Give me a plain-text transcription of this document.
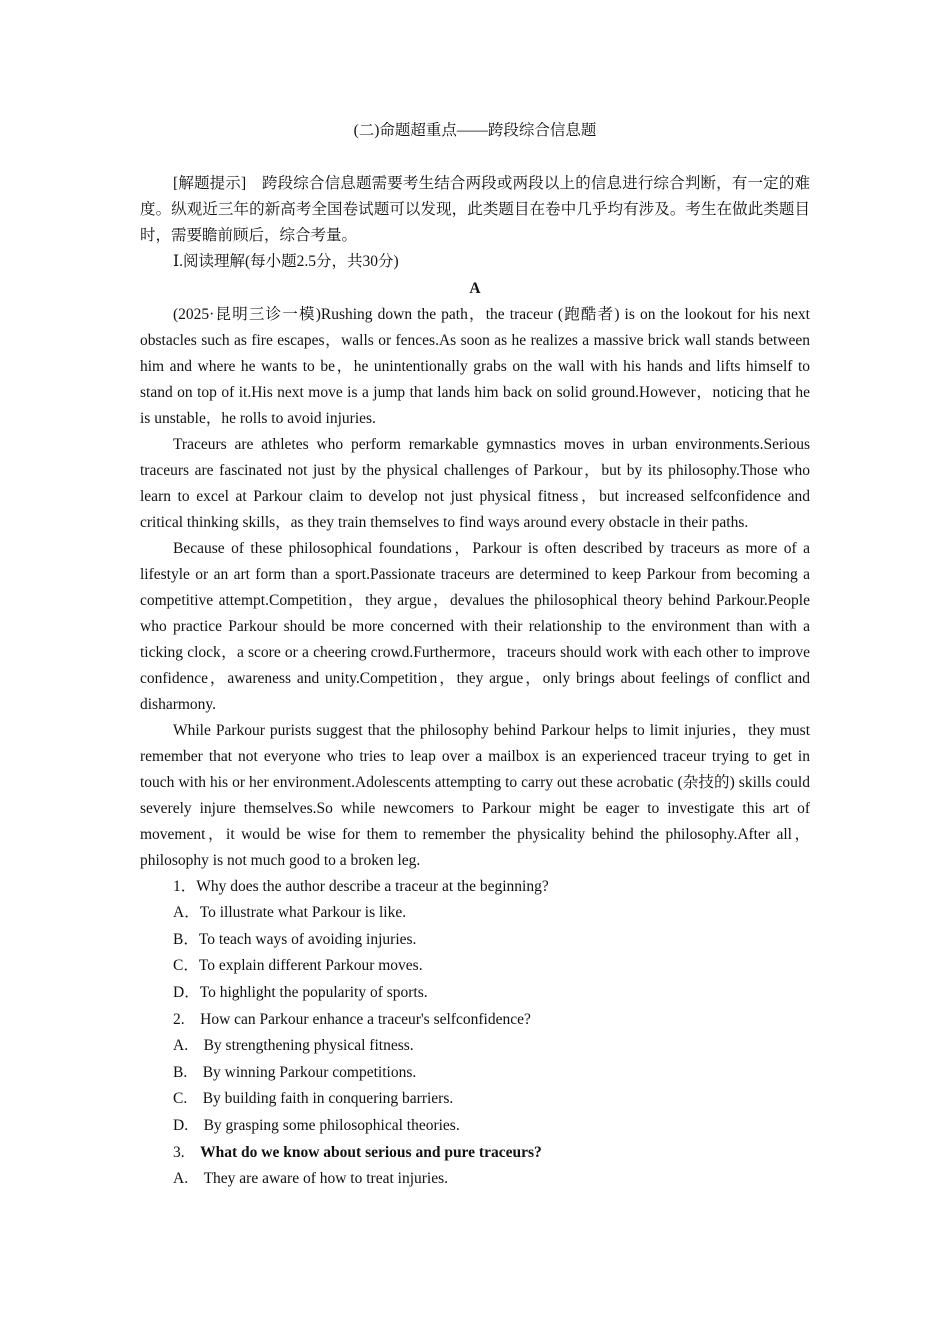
(二)命题超重点——跨段综合信息题

[解题提示]　跨段综合信息题需要考生结合两段或两段以上的信息进行综合判断，有一定的难度。纵观近三年的新高考全国卷试题可以发现，此类题目在卷中几乎均有涉及。考生在做此类题目时，需要瞻前顾后，综合考量。

Ⅰ.阅读理解(每小题2.5分，共30分)

A

(2025·昆明三诊一模)Rushing down the path，the traceur (跑酷者) is on the lookout for his next obstacles such as fire escapes，walls or fences.As soon as he realizes a massive brick wall stands between him and where he wants to be，he unintentionally grabs on the wall with his hands and lifts himself to stand on top of it.His next move is a jump that lands him back on solid ground.However，noticing that he is unstable，he rolls to avoid injuries.

Traceurs are athletes who perform remarkable gymnastics moves in urban environments.Serious traceurs are fascinated not just by the physical challenges of Parkour，but by its philosophy.Those who learn to excel at Parkour claim to develop not just physical fitness，but increased selfconfidence and critical thinking skills，as they train themselves to find ways around every obstacle in their paths.

Because of these philosophical foundations，Parkour is often described by traceurs as more of a lifestyle or an art form than a sport.Passionate traceurs are determined to keep Parkour from becoming a competitive attempt.Competition，they argue，devalues the philosophical theory behind Parkour.People who practice Parkour should be more concerned with their relationship to the environment than with a ticking clock，a score or a cheering crowd.Furthermore，traceurs should work with each other to improve confidence，awareness and unity.Competition，they argue，only brings about feelings of conflict and disharmony.

While Parkour purists suggest that the philosophy behind Parkour helps to limit injuries，they must remember that not everyone who tries to leap over a mailbox is an experienced traceur trying to get in touch with his or her environment.Adolescents attempting to carry out these acrobatic (杂技的) skills could severely injure themselves.So while newcomers to Parkour might be eager to investigate this art of movement，it would be wise for them to remember the physicality behind the philosophy.After all，philosophy is not much good to a broken leg.

1．Why does the author describe a traceur at the beginning?

A．To illustrate what Parkour is like.

B．To teach ways of avoiding injuries.

C．To explain different Parkour moves.

D．To highlight the popularity of sports.

2.　How can Parkour enhance a traceur's selfconfidence?

A.　By strengthening physical fitness.

B.　By winning Parkour competitions.

C.　By building faith in conquering barriers.

D.　By grasping some philosophical theories.

3.　What do we know about serious and pure traceurs?

A.　They are aware of how to treat injuries.
